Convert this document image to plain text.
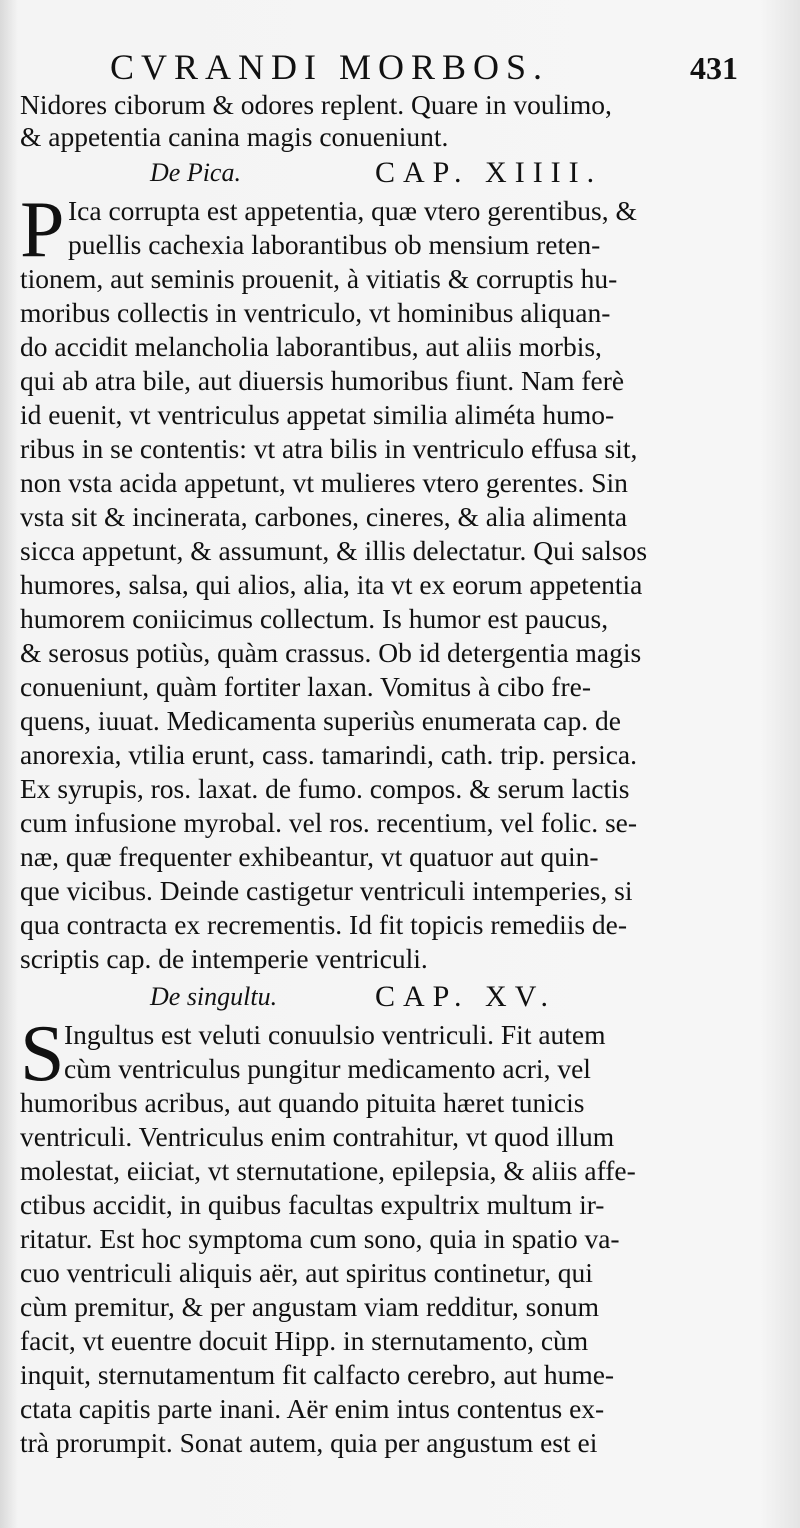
CVRANDI MORBOS.	431
Nidores ciborum & odores replent. Quare in voulimo,
& appetentia canina magis conueniunt.
De Pica.	CAP. XIIII.
P Ica corrupta est appetentia, quæ vtero gerentibus, &
puellis cachexia laborantibus ob mensium reten-
tionem, aut seminis prouenit, à vitiatis & corruptis hu-
moribus collectis in ventriculo, vt hominibus aliquan-
do accidit melancholia laborantibus, aut aliis morbis,
qui ab atra bile, aut diuersis humoribus fiunt. Nam ferè
id euenit, vt ventriculus appetat similia aliméta humo-
ribus in se contentis: vt atra bilis in ventriculo effusa sit,
non vsta acida appetunt, vt mulieres vtero gerentes. Sin
vsta sit & incinerata, carbones, cineres, & alia alimenta
sicca appetunt, & assumunt, & illis delectatur. Qui salsos
humores, salsa, qui alios, alia, ita vt ex eorum appetentia
humorem coniicimus collectum. Is humor est paucus,
& serosus potiùs, quàm crassus. Ob id detergentia magis
conueniunt, quàm fortiter laxan. Vomitus à cibo fre-
quens, iuuat. Medicamenta superiùs enumerata cap. de
anorexia, vtilia erunt, cass. tamarindi, cath. trip. persica.
Ex syrupis, ros. laxat. de fumo. compos. & serum lactis
cum infusione myrobal. vel ros. recentium, vel folic. se-
næ, quæ frequenter exhibeantur, vt quatuor aut quin-
que vicibus. Deinde castigetur ventriculi intemperies, si
qua contracta ex recrementis. Id fit topicis remediis de-
scriptis cap. de intemperie ventriculi.
De singultu.	CAP. XV.
S Ingultus est veluti conuulsio ventriculi. Fit autem
cùm ventriculus pungitur medicamento acri, vel
humoribus acribus, aut quando pituita hæret tunicis
ventriculi. Ventriculus enim contrahitur, vt quod illum
molestat, eiiciat, vt sternutatione, epilepsia, & aliis affe-
ctibus accidit, in quibus facultas expultrix multum ir-
ritatur. Est hoc symptoma cum sono, quia in spatio va-
cuo ventriculi aliquis aër, aut spiritus continetur, qui
cùm premitur, & per angustam viam redditur, sonum
facit, vt euentre docuit Hipp. in sternutamento, cùm
inquit, sternutamentum fit calfacto cerebro, aut hume-
ctata capitis parte inani. Aër enim intus contentus ex-
trà prorumpit. Sonat autem, quia per angustum est ei
